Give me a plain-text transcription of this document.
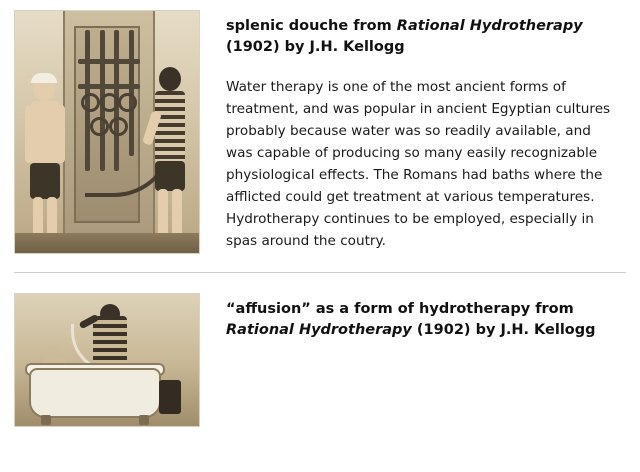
splenic douche from Rational Hydrotherapy (1902) by J.H. Kellogg

Water therapy is one of the most ancient forms of treatment, and was popular in ancient Egyptian cultures probably because water was so readily available, and was capable of producing so many easily recognizable physiological effects. The Romans had baths where the afflicted could get treatment at various temperatures. Hydrotherapy continues to be employed, especially in spas around the coutry.

“affusion” as a form of hydrotherapy from Rational Hydrotherapy (1902) by J.H. Kellogg
